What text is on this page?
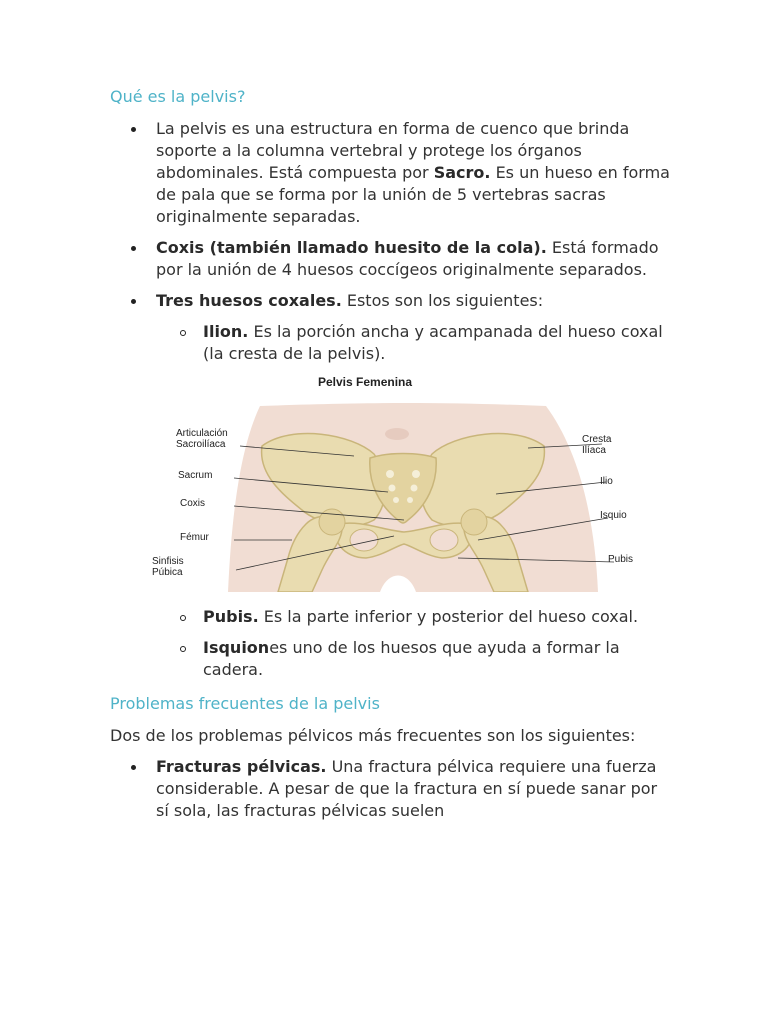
Qué es la pelvis?

La pelvis es una estructura en forma de cuenco que brinda soporte a la columna vertebral y protege los órganos abdominales. Está compuesta por Sacro. Es un hueso en forma de pala que se forma por la unión de 5 vertebras sacras originalmente separadas.
Coxis (también llamado huesito de la cola). Está formado por la unión de 4 huesos coccígeos originalmente separados.
Tres huesos coxales. Estos son los siguientes:
Ilion. Es la porción ancha y acampanada del hueso coxal (la cresta de la pelvis).
Pelvis Femenina
Articulación
Sacroilíaca
Sacrum
Coxis
Fémur
Sinfisis
Púbica
Cresta
Ilíaca
Ilio
Isquio
Pubis
Pubis. Es la parte inferior y posterior del hueso coxal.
Isquiones uno de los huesos que ayuda a formar la cadera.

Problemas frecuentes de la pelvis

Dos de los problemas pélvicos más frecuentes son los siguientes:

Fracturas pélvicas. Una fractura pélvica requiere una fuerza considerable. A pesar de que la fractura en sí puede sanar por sí sola, las fracturas pélvicas suelen
